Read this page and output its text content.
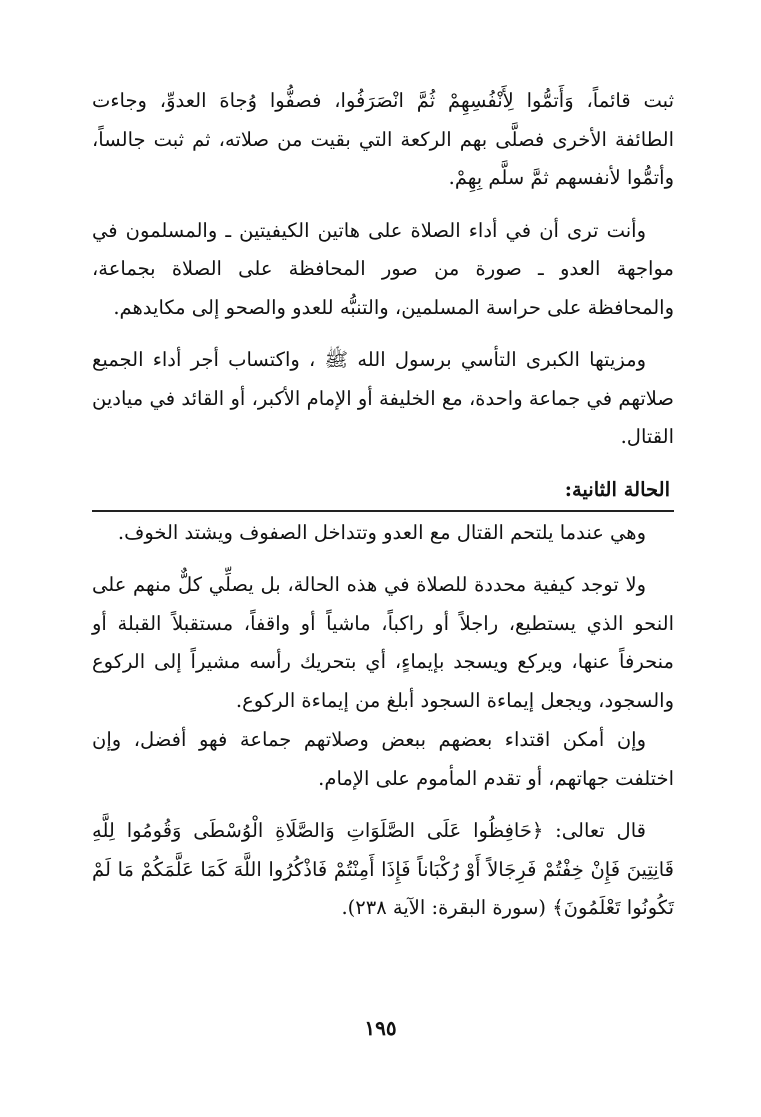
ثبت قائماً، وَأَتمُّوا لِأَنْفُسِهِمْ ثُمَّ انْصَرَفُوا، فصفُّوا وُجاهَ العدوِّ، وجاءت الطائفة الأخرى فصلَّى بهم الركعة التي بقيت من صلاته، ثم ثبت جالساً، وأتمُّوا لأنفسهم ثمَّ سلَّم بِهِمْ.

وأنت ترى أن في أداء الصلاة على هاتين الكيفيتين ـ والمسلمون في مواجهة العدو ـ صورة من صور المحافظة على الصلاة بجماعة، والمحافظة على حراسة المسلمين، والتنبُّه للعدو والصحو إلى مكايدهم.

ومزيتها الكبرى التأسي برسول الله ﷺ ، واكتساب أجر أداء الجميع صلاتهم في جماعة واحدة، مع الخليفة أو الإمام الأكبر، أو القائد في ميادين القتال.

الحالة الثانية:

وهي عندما يلتحم القتال مع العدو وتتداخل الصفوف ويشتد الخوف.

ولا توجد كيفية محددة للصلاة في هذه الحالة، بل يصلِّي كلٌّ منهم على النحو الذي يستطيع، راجلاً أو راكباً، ماشياً أو واقفاً، مستقبلاً القبلة أو منحرفاً عنها، ويركع ويسجد بإيماءٍ، أي بتحريك رأسه مشيراً إلى الركوع والسجود، ويجعل إيماءة السجود أبلغ من إيماءة الركوع.

وإن أمكن اقتداء بعضهم ببعض وصلاتهم جماعة فهو أفضل، وإن اختلفت جهاتهم، أو تقدم المأموم على الإمام.

قال تعالى: ﴿حَافِظُوا عَلَى الصَّلَوَاتِ وَالصَّلَاةِ الْوُسْطَى وَقُومُوا لِلَّهِ قَانِتِينَ فَإِنْ خِفْتُمْ فَرِجَالاً أَوْ رُكْبَاناً فَإِذَا أَمِنْتُمْ فَاذْكُرُوا اللَّهَ كَمَا عَلَّمَكُمْ مَا لَمْ تَكُونُوا تَعْلَمُونَ﴾ (سورة البقرة: الآية ٢٣٨).

١٩٥
